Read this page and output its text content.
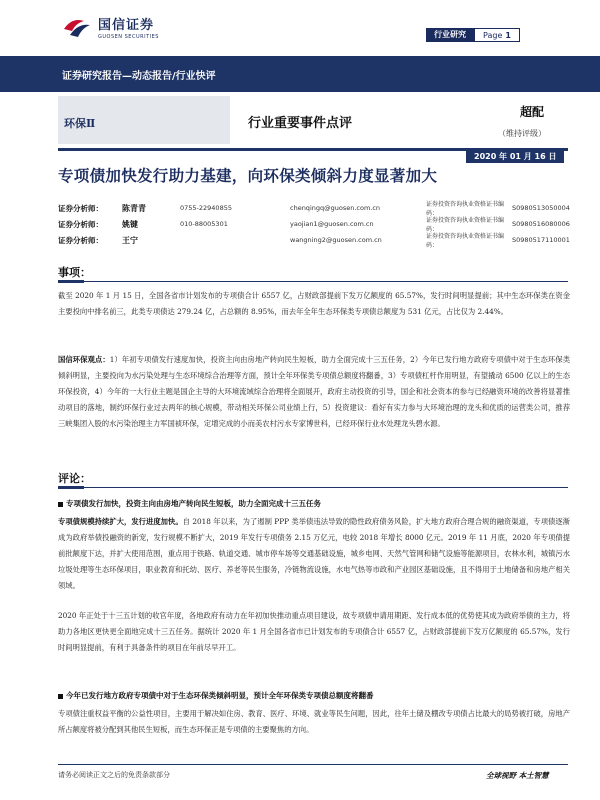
国信证券
GUOSEN SECURITIES	行业研究	Page 1
证券研究报告—动态报告/行业快评
环保Ⅱ	行业重要事件点评
超配
（维持评级）
2020 年 01 月 16 日
专项债加快发行助力基建，向环保类倾斜力度显著加大
证券分析师：	陈青青	0755-22940855	chenqingq@guosen.com.cn	证券投资咨询执业资格证书编码：
S0980513050004
证券分析师：	姚键	010-88005301	yaojian1@guosen.com.cn	证券投资咨询执业资格证书编码：
S0980516080006
证券分析师：	王宁	wangning2@guosen.com.cn	证券投资咨询执业资格证书编码：
S0980517110001
事项：

截至 2020 年 1 月 15 日，全国各省市计划发布的专项债合计 6557 亿，占财政部提前下发万亿额度的 65.57%，发行时间明显提前；其中生态环保类在资金主要投向中排名前三，此类专项债达 279.24 亿，占总额的 8.95%，而去年全年生态环保类专项债总额度为 531 亿元，占比仅为 2.44%。

国信环保观点：1）年初专项债发行速度加快，投资主向由房地产转向民生短板，助力全面完成十三五任务，2）今年已发行地方政府专项债中对于生态环保类倾斜明显，主要投向为水污染处理与生态环境综合治理等方面，预计全年环保类专项债总额度将翻番，3）专项债杠杆作用明显，有望撬动 6500 亿以上的生态环保投资，4）今年的一大行业主题是国企主导的大环境流域综合治理将全面展开，政府主动投资的引导，国企和社会资本的参与已经融资环境的改善将显著推动项目的落地，制约环保行业过去两年的核心规模，带动相关环保公司业绩上行，5）投资建议：看好有实力参与大环境治理的龙头和优质的运营类公司，推荐三峡集团入股的水污染治理主力军国祯环保，定增完成的小而美农村污水专家博世科，已经环保行业水处理龙头碧水源。

评论：
专项债发行加快，投资主向由房地产转向民生短板，助力全面完成十三五任务

专项债规模持续扩大，发行进度加快。自 2018 年以来，为了遏制 PPP 类举债违法导致的隐性政府债务风险，扩大地方政府合理合规的融资渠道，专项债逐渐成为政府举债投融资的新宠，发行规模不断扩大，2019 年发行专项债务 2.15 万亿元，电较 2018 年增长 8000 亿元。2019 年 11 月底，2020 年专项债提前批额度下达，并扩大使用范围，重点用于铁路、轨道交通、城市停车场等交通基础设施，城乡电网、天然气管网和储气设施等能源项目，农林水利，城镇污水垃圾处理等生态环保项目，职业教育和托幼、医疗、养老等民生服务，冷链物流设施，水电气热等市政和产业园区基础设施，且不得用于土地储备和房地产相关领域。

2020 年正处于十三五计划的收官年度，各地政府有动力在年初加快推动重点项目建设，故专项债申请用期距、发行成本低的优势使其成为政府举债的主力，将助力各地区更快更全面地完成十三五任务。据统计 2020 年 1 月全国各省市已计划发布的专项债合计 6557 亿，占财政部提前下发万亿额度的 65.57%，发行时间明显提前，有利于具备条件的项目在年前尽早开工。

今年已发行地方政府专项债中对于生态环保类倾斜明显，预计全年环保类专项债总额度将翻番

专项债注重权益平衡的公益性项目，主要用于解决如住房、教育、医疗、环境、就业等民生问题，因此，往年土储及棚改专项债占比最大的局势被打破，房地产所占额度将被分配到其他民生短板，而生态环保正是专项债的主要聚焦的方向。

请务必阅读正文之后的免责条款部分	全球视野 本土智慧
